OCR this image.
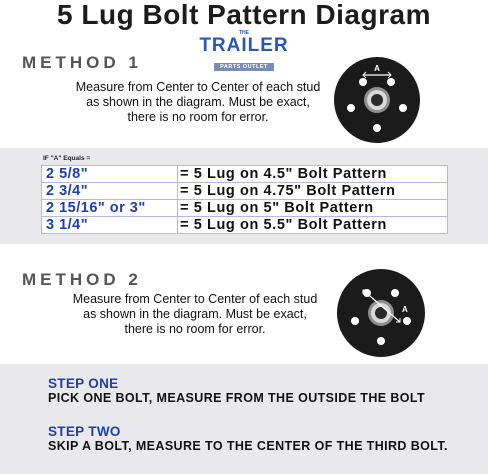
5 Lug Bolt Pattern Diagram
THE
TRAILER
PARTS OUTLET
METHOD 1
Measure from Center to Center of each stud
as shown in the diagram. Must be exact,
there is no room for error.
A
IF "A" Equals =
2 5/8"	= 5 Lug on 4.5" Bolt Pattern
2 3/4"	= 5 Lug on 4.75" Bolt Pattern
2 15/16" or 3"	= 5 Lug on 5" Bolt Pattern
3 1/4"	= 5 Lug on 5.5" Bolt Pattern
METHOD 2
Measure from Center to Center of each stud
as shown in the diagram. Must be exact,
there is no room for error.
A
STEP ONE
PICK ONE BOLT, MEASURE FROM THE OUTSIDE THE BOLT
STEP TWO
SKIP A BOLT, MEASURE TO THE CENTER OF THE THIRD BOLT.
